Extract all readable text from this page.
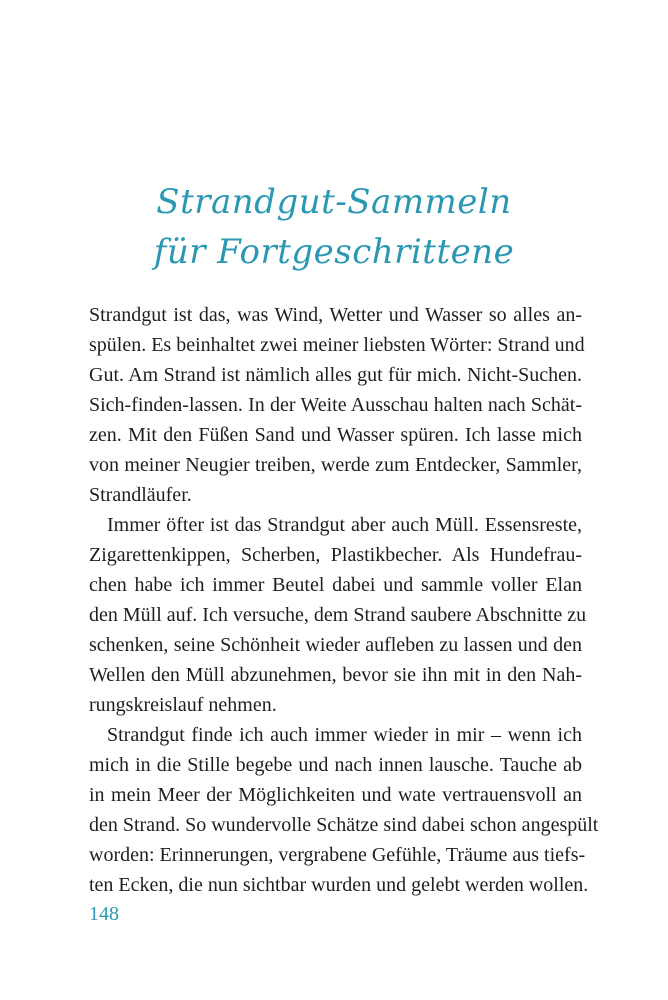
Strandgut-Sammeln
für Fortgeschrittene
Strandgut ist das, was Wind, Wetter und Wasser so alles an-
spülen. Es beinhaltet zwei meiner liebsten Wörter: Strand und
Gut. Am Strand ist nämlich alles gut für mich. Nicht-Suchen.
Sich-finden-lassen. In der Weite Ausschau halten nach Schät-
zen. Mit den Füßen Sand und Wasser spüren. Ich lasse mich
von meiner Neugier treiben, werde zum Entdecker, Sammler,
Strandläufer.
Immer öfter ist das Strandgut aber auch Müll. Essensreste,
Zigarettenkippen, Scherben, Plastikbecher. Als Hundefrau-
chen habe ich immer Beutel dabei und sammle voller Elan
den Müll auf. Ich versuche, dem Strand saubere Abschnitte zu
schenken, seine Schönheit wieder aufleben zu lassen und den
Wellen den Müll abzunehmen, bevor sie ihn mit in den Nah-
rungskreislauf nehmen.
Strandgut finde ich auch immer wieder in mir – wenn ich
mich in die Stille begebe und nach innen lausche. Tauche ab
in mein Meer der Möglichkeiten und wate vertrauensvoll an
den Strand. So wundervolle Schätze sind dabei schon angespült
worden: Erinnerungen, vergrabene Gefühle, Träume aus tiefs-
ten Ecken, die nun sichtbar wurden und gelebt werden wollen.
148
